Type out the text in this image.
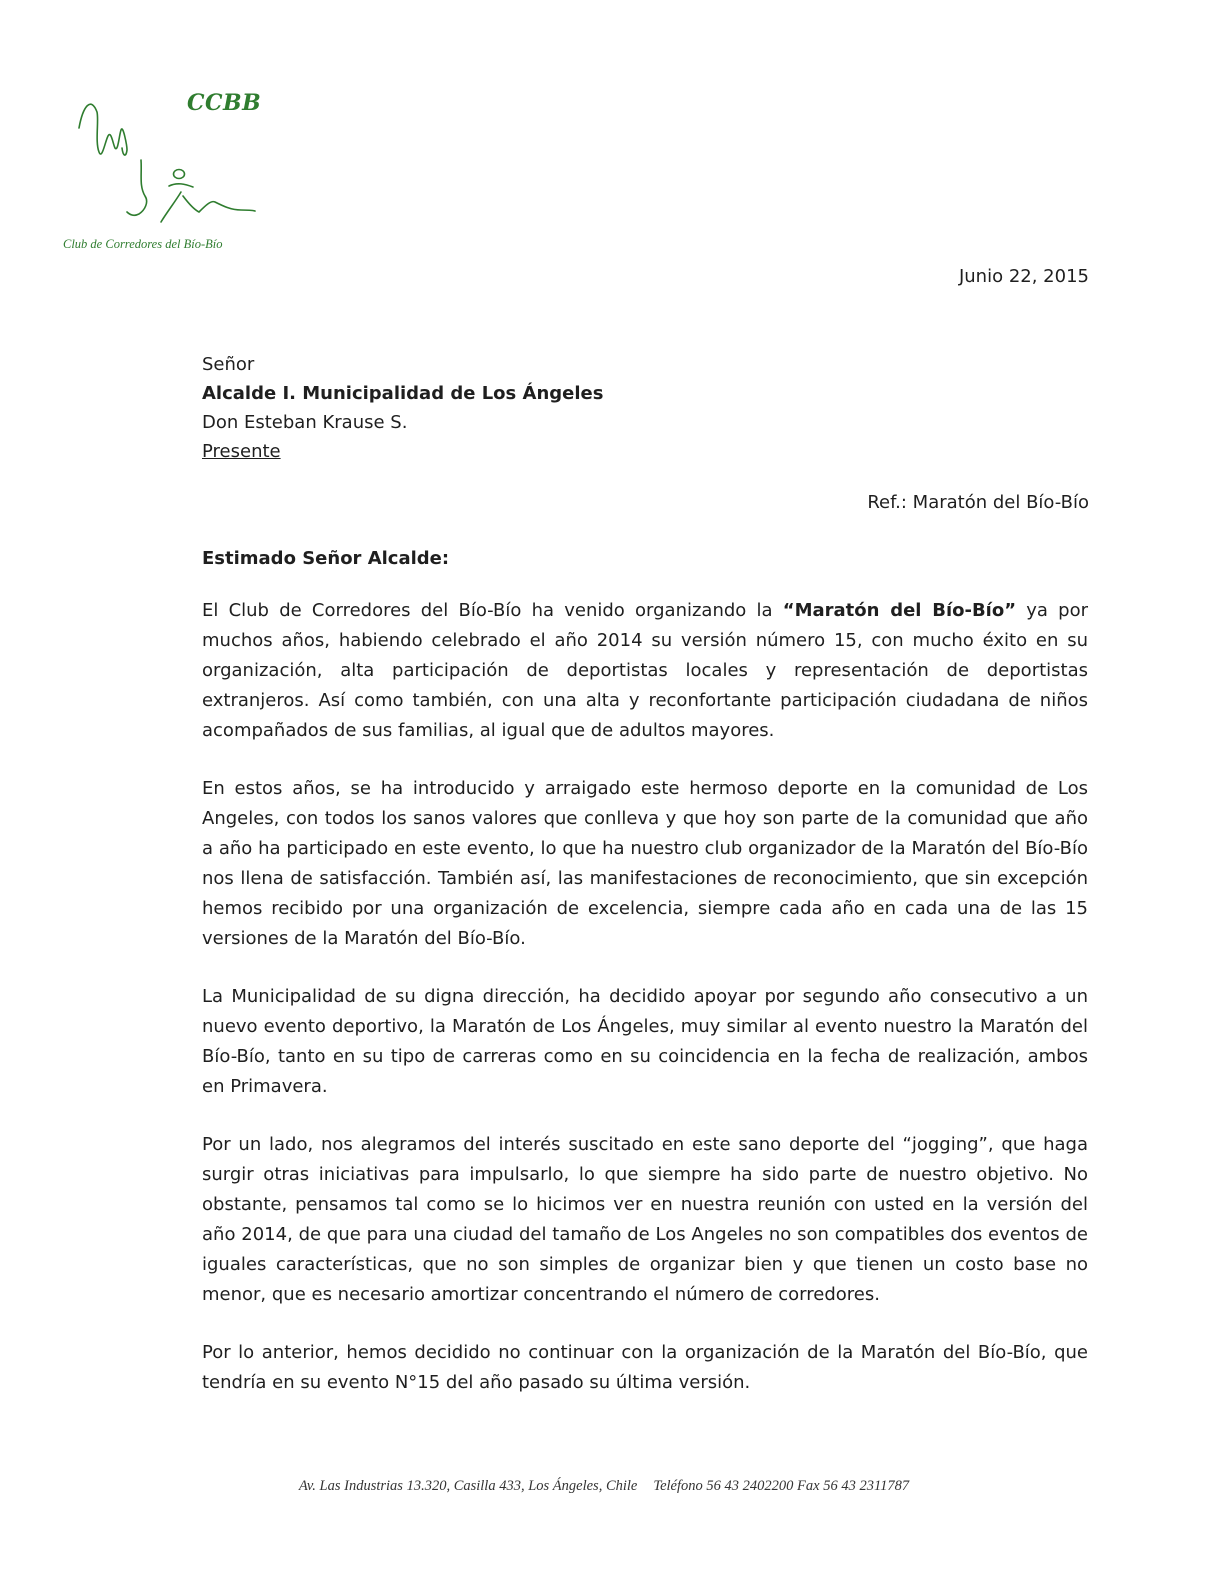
CCBB
Club de Corredores del Bío-Bío
Junio 22, 2015
Señor
Alcalde I. Municipalidad de Los Ángeles
Don Esteban Krause S.
Presente
Ref.: Maratón del Bío-Bío
Estimado Señor Alcalde:

El Club de Corredores del Bío-Bío ha venido organizando la “Maratón del Bío-Bío” ya por muchos años, habiendo celebrado el año 2014 su versión número 15, con mucho éxito en su organización, alta participación de deportistas locales y representación de deportistas extranjeros. Así como también, con una alta y reconfortante participación ciudadana de niños acompañados de sus familias, al igual que de adultos mayores.

En estos años, se ha introducido y arraigado este hermoso deporte en la comunidad de Los Angeles, con todos los sanos valores que conlleva y que hoy son parte de la comunidad que año a año ha participado en este evento, lo que ha nuestro club organizador de la Maratón del Bío-Bío nos llena de satisfacción. También así, las manifestaciones de reconocimiento, que sin excepción hemos recibido por una organización de excelencia, siempre cada año en cada una de las 15 versiones de la Maratón del Bío-Bío.

La Municipalidad de su digna dirección, ha decidido apoyar por segundo año consecutivo a un nuevo evento deportivo, la Maratón de Los Ángeles, muy similar al evento nuestro la Maratón del Bío-Bío, tanto en su tipo de carreras como en su coincidencia en la fecha de realización, ambos en Primavera.

Por un lado, nos alegramos del interés suscitado en este sano deporte del “jogging”, que haga surgir otras iniciativas para impulsarlo, lo que siempre ha sido parte de nuestro objetivo. No obstante, pensamos tal como se lo hicimos ver en nuestra reunión con usted en la versión del año 2014, de que para una ciudad del tamaño de Los Angeles no son compatibles dos eventos de iguales características, que no son simples de organizar bien y que tienen un costo base no menor, que es necesario amortizar concentrando el número de corredores.

Por lo anterior, hemos decidido no continuar con la organización de la Maratón del Bío-Bío, que tendría en su evento N°15 del año pasado su última versión.

Av. Las Industrias 13.320, Casilla 433, Los Ángeles, Chile Teléfono 56 43 2402200 Fax 56 43 2311787
